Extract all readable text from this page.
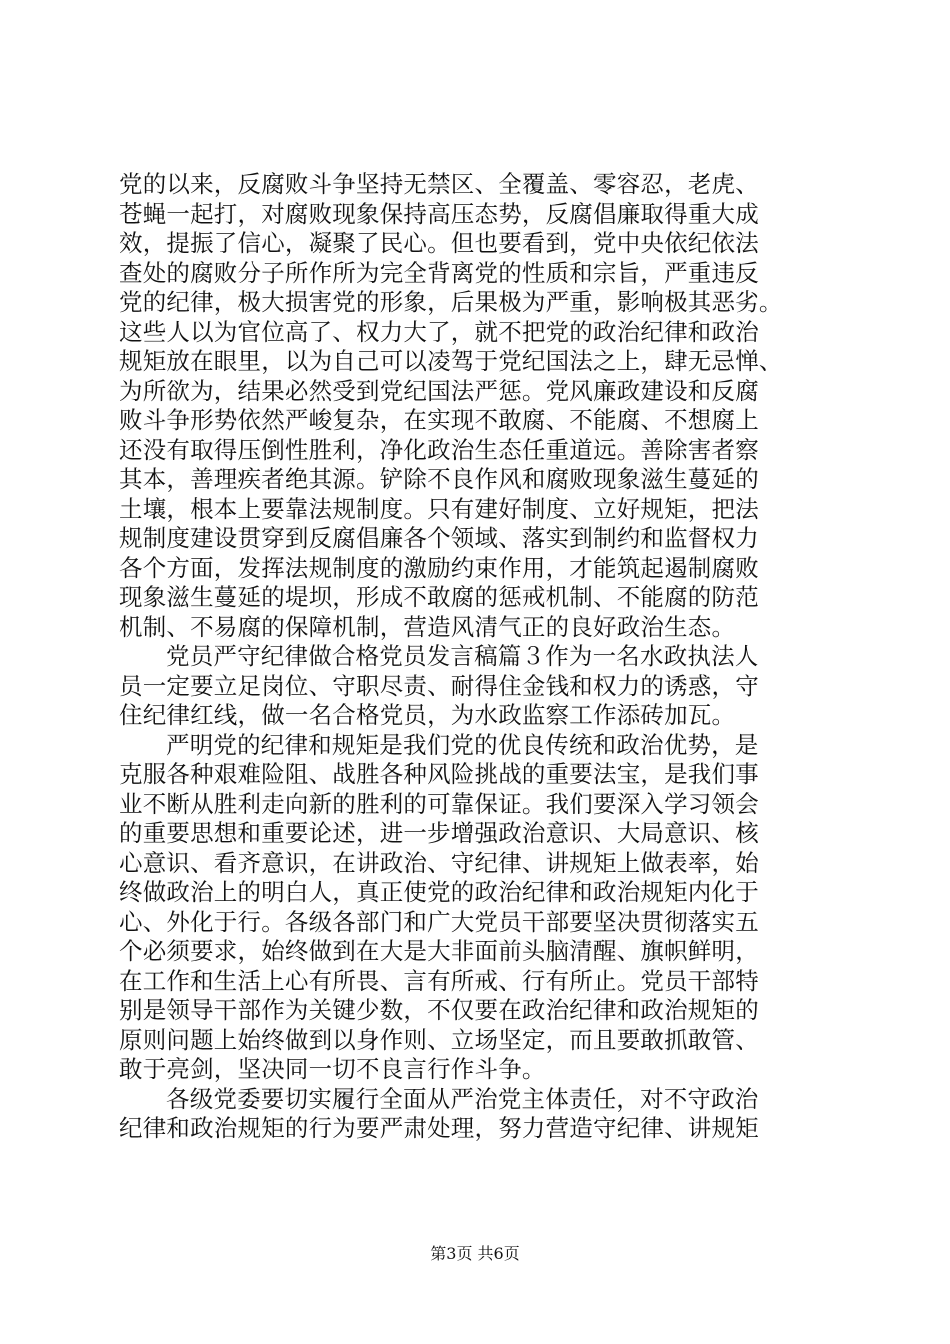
党的以来，反腐败斗争坚持无禁区、全覆盖、零容忍，老虎、
苍蝇一起打，对腐败现象保持高压态势，反腐倡廉取得重大成
效，提振了信心，凝聚了民心。但也要看到，党中央依纪依法
查处的腐败分子所作所为完全背离党的性质和宗旨，严重违反
党的纪律，极大损害党的形象，后果极为严重，影响极其恶劣。
这些人以为官位高了、权力大了，就不把党的政治纪律和政治
规矩放在眼里，以为自己可以凌驾于党纪国法之上，肆无忌惮、
为所欲为，结果必然受到党纪国法严惩。党风廉政建设和反腐
败斗争形势依然严峻复杂，在实现不敢腐、不能腐、不想腐上
还没有取得压倒性胜利，净化政治生态任重道远。善除害者察
其本，善理疾者绝其源。铲除不良作风和腐败现象滋生蔓延的
土壤，根本上要靠法规制度。只有建好制度、立好规矩，把法
规制度建设贯穿到反腐倡廉各个领域、落实到制约和监督权力
各个方面，发挥法规制度的激励约束作用，才能筑起遏制腐败
现象滋生蔓延的堤坝，形成不敢腐的惩戒机制、不能腐的防范
机制、不易腐的保障机制，营造风清气正的良好政治生态。
党员严守纪律做合格党员发言稿篇３作为一名水政执法人
员一定要立足岗位、守职尽责、耐得住金钱和权力的诱惑，守
住纪律红线，做一名合格党员，为水政监察工作添砖加瓦。
严明党的纪律和规矩是我们党的优良传统和政治优势，是
克服各种艰难险阻、战胜各种风险挑战的重要法宝，是我们事
业不断从胜利走向新的胜利的可靠保证。我们要深入学习领会
的重要思想和重要论述，进一步增强政治意识、大局意识、核
心意识、看齐意识，在讲政治、守纪律、讲规矩上做表率，始
终做政治上的明白人，真正使党的政治纪律和政治规矩内化于
心、外化于行。各级各部门和广大党员干部要坚决贯彻落实五
个必须要求，始终做到在大是大非面前头脑清醒、旗帜鲜明，
在工作和生活上心有所畏、言有所戒、行有所止。党员干部特
别是领导干部作为关键少数，不仅要在政治纪律和政治规矩的
原则问题上始终做到以身作则、立场坚定，而且要敢抓敢管、
敢于亮剑，坚决同一切不良言行作斗争。
各级党委要切实履行全面从严治党主体责任，对不守政治
纪律和政治规矩的行为要严肃处理，努力营造守纪律、讲规矩
第3页 共6页
